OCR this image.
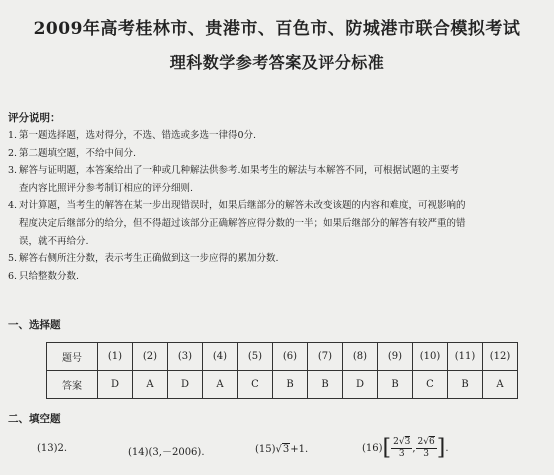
2009年高考桂林市、贵港市、百色市、防城港市联合模拟考试
理科数学参考答案及评分标准
评分说明：
1. 第一题选择题，选对得分，不选、错选或多选一律得0分.
2. 第二题填空题，不给中间分.
3. 解答与证明题，本答案给出了一种或几种解法供参考.如果考生的解法与本解答不同，可根据试题的主要考
查内容比照评分参考制订相应的评分细则.
4. 对计算题，当考生的解答在某一步出现错误时，如果后继部分的解答未改变该题的内容和难度，可视影响的
程度决定后继部分的给分，但不得超过该部分正确解答应得分数的一半；如果后继部分的解答有较严重的错
误，就不再给分.
5. 解答右侧所注分数，表示考生正确做到这一步应得的累加分数.
6. 只给整数分数.
一、选择题
题号	(1)	(2)	(3)	(4)	(5)	(6)	(7)	(8)	(9)	(10)	(11)	(12)
答案	D	A	D	A	C	B	B	D	B	C	B	A
二、填空题
(13)2.	(14)(3,－2006).	(15)√3+1.	$(16)[ \frac{2√3}{3}$ , $\frac{2√6}{3}$ ].
